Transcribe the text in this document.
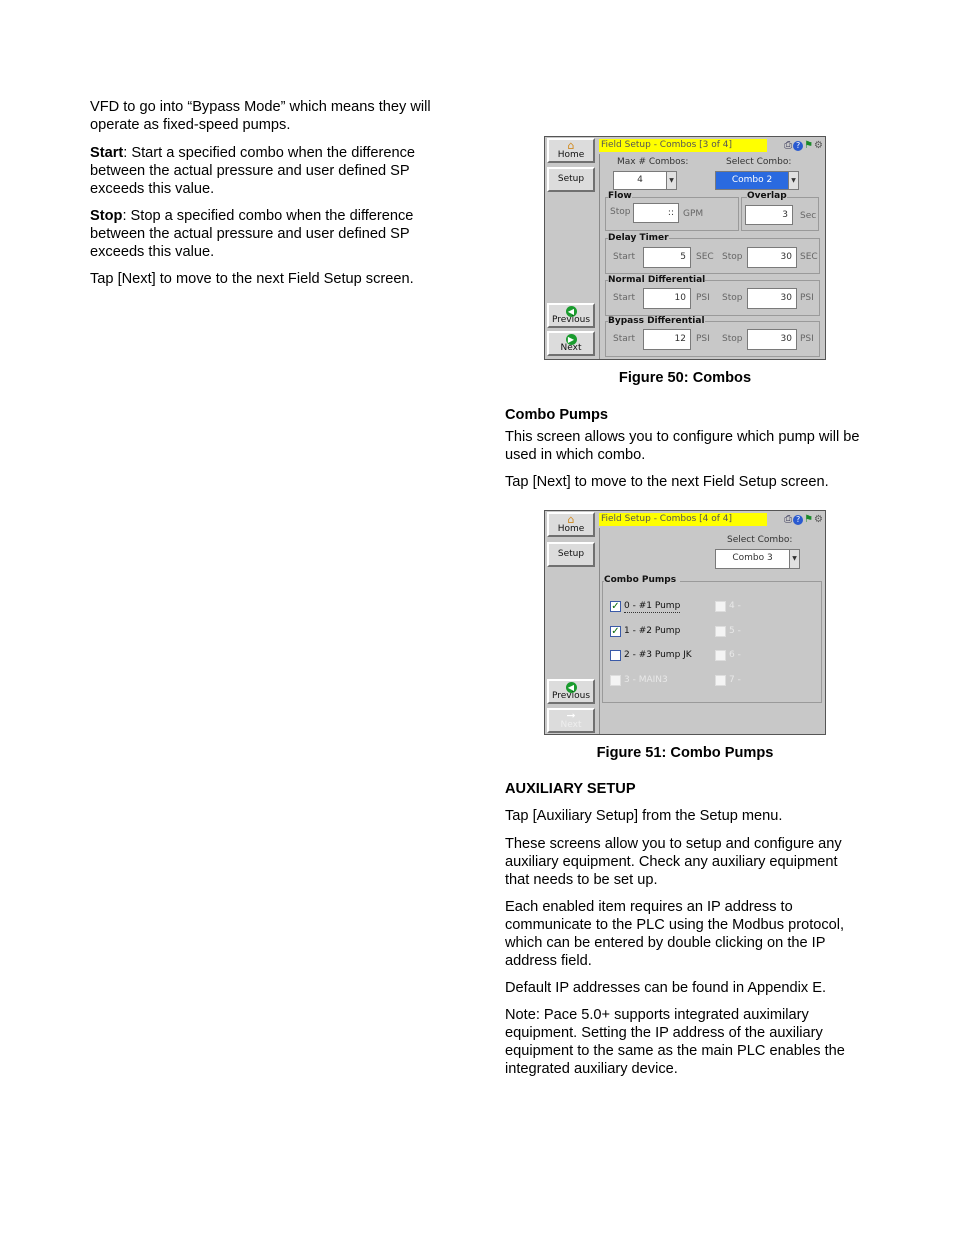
VFD to go into “Bypass Mode” which means they will operate as fixed-speed pumps.

Start: Start a specified combo when the difference between the actual pressure and user defined SP exceeds this value.

Stop: Stop a specified combo when the difference between the actual pressure and user defined SP exceeds this value.

Tap [Next] to move to the next Field Setup screen.

⌂
Home
Setup
◀
Previous
▶
Next
Field Setup - Combos [3 of 4]	⎙ ? ⚑⚙
Max # Combos:
4	▼
Select Combo:
Combo 2	▼
Flow
Stop	::	GPM
Overlap
3	Sec
Delay Timer
Start	5	SEC Stop	30 SEC
Normal Differential
Start	10	PSI Stop	30 PSI
Bypass Differential
Start	12	PSI Stop	30 PSI

Figure 50: Combos

Combo Pumps

This screen allows you to configure which pump will be used in which combo.

Tap [Next] to move to the next Field Setup screen.

⌂
Home
Setup
◀
Previous
➞
Next
Field Setup - Combos [4 of 4]	⎙ ? ⚑⚙
Select Combo:
Combo 3	▼
Combo Pumps
✓ 0 - #1 Pump
✓ 1 - #2 Pump
2 - #3 Pump JK
3 - MAIN3
4 -
5 -
6 -
7 -

Figure 51: Combo Pumps

AUXILIARY SETUP

Tap [Auxiliary Setup] from the Setup menu.

These screens allow you to setup and configure any auxiliary equipment. Check any auxiliary equipment that needs to be set up.

Each enabled item requires an IP address to communicate to the PLC using the Modbus protocol, which can be entered by double clicking on the IP address field.

Default IP addresses can be found in Appendix E.

Note: Pace 5.0+ supports integrated auximilary equipment. Setting the IP address of the auxiliary equipment to the same as the main PLC enables the integrated auxiliary device.
